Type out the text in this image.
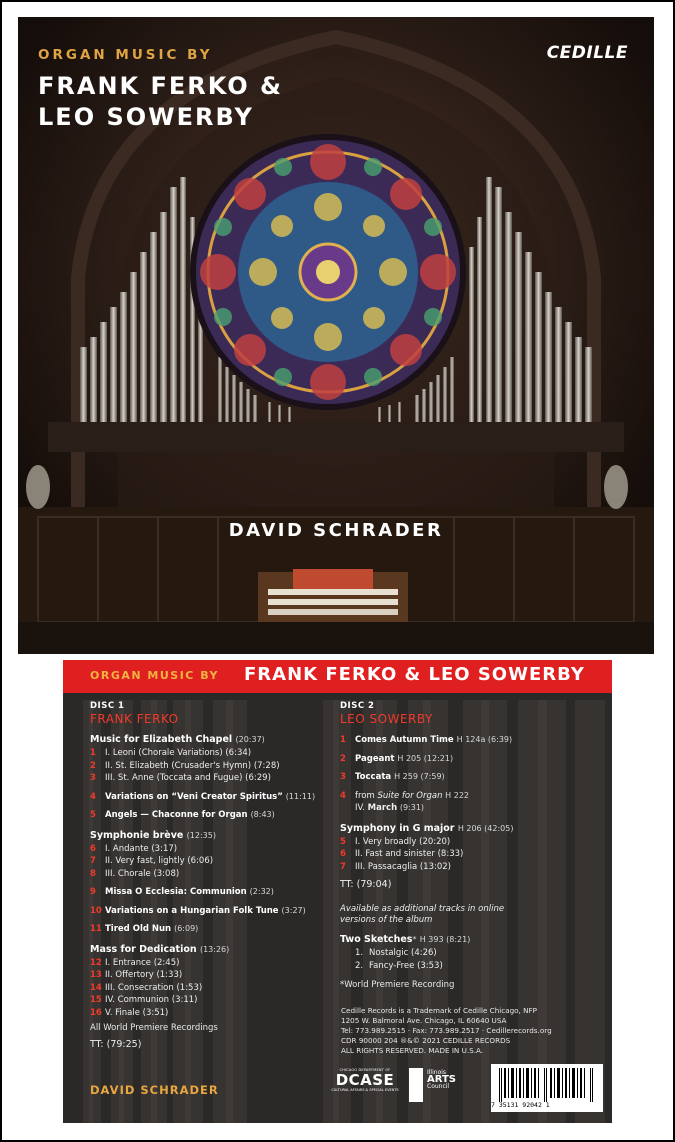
ORGAN MUSIC BY
FRANK FERKO &
LEO SOWERBY
CEDILLE
DAVID SCHRADER
ORGAN MUSIC BY FRANK FERKO & LEO SOWERBY
DISC 1
FRANK FERKO
Music for Elizabeth Chapel (20:37)
1 I. Leoni (Chorale Variations) (6:34)
2 II. St. Elizabeth (Crusader's Hymn) (7:28)
3 III. St. Anne (Toccata and Fugue) (6:29)
4 Variations on “Veni Creator Spiritus” (11:11)
5 Angels — Chaconne for Organ (8:43)
Symphonie brève (12:35)
6 I. Andante (3:17)
7 II. Very fast, lightly (6:06)
8 III. Chorale (3:08)
9 Missa O Ecclesia: Communion (2:32)
10 Variations on a Hungarian Folk Tune (3:27)
11 Tired Old Nun (6:09)
Mass for Dedication (13:26)
12 I. Entrance (2:45)
13 II. Offertory (1:33)
14 III. Consecration (1:53)
15 IV. Communion (3:11)
16 V. Finale (3:51)
All World Premiere Recordings
TT: (79:25)
DISC 2
LEO SOWERBY
1 Comes Autumn Time H 124a (6:39)
2 Pageant H 205 (12:21)
3 Toccata H 259 (7:59)
4 from Suite for Organ H 222
IV. March (9:31)
Symphony in G major H 206 (42:05)
5 I. Very broadly (20:20)
6 II. Fast and sinister (8:33)
7 III. Passacaglia (13:02)
TT: (79:04)
Available as additional tracks in online
versions of the album
Two Sketches* H 393 (8:21)
1. Nostalgic (4:26)
2. Fancy-Free (3:53)
*World Premiere Recording
DAVID SCHRADER
Cedille Records is a Trademark of Cedille Chicago, NFP
1205 W. Balmoral Ave. Chicago, IL 60640 USA
Tel: 773.989.2515 · Fax: 773.989.2517 · Cedillerecords.org
CDR 90000 204 ®&© 2021 CEDILLE RECORDS
ALL RIGHTS RESERVED. MADE IN U.S.A.
CHICAGO DEPARTMENT OF
DCASE
CULTURAL AFFAIRS & SPECIAL EVENTS
Illinois
ARTS
Council
7 35131 92042 1
